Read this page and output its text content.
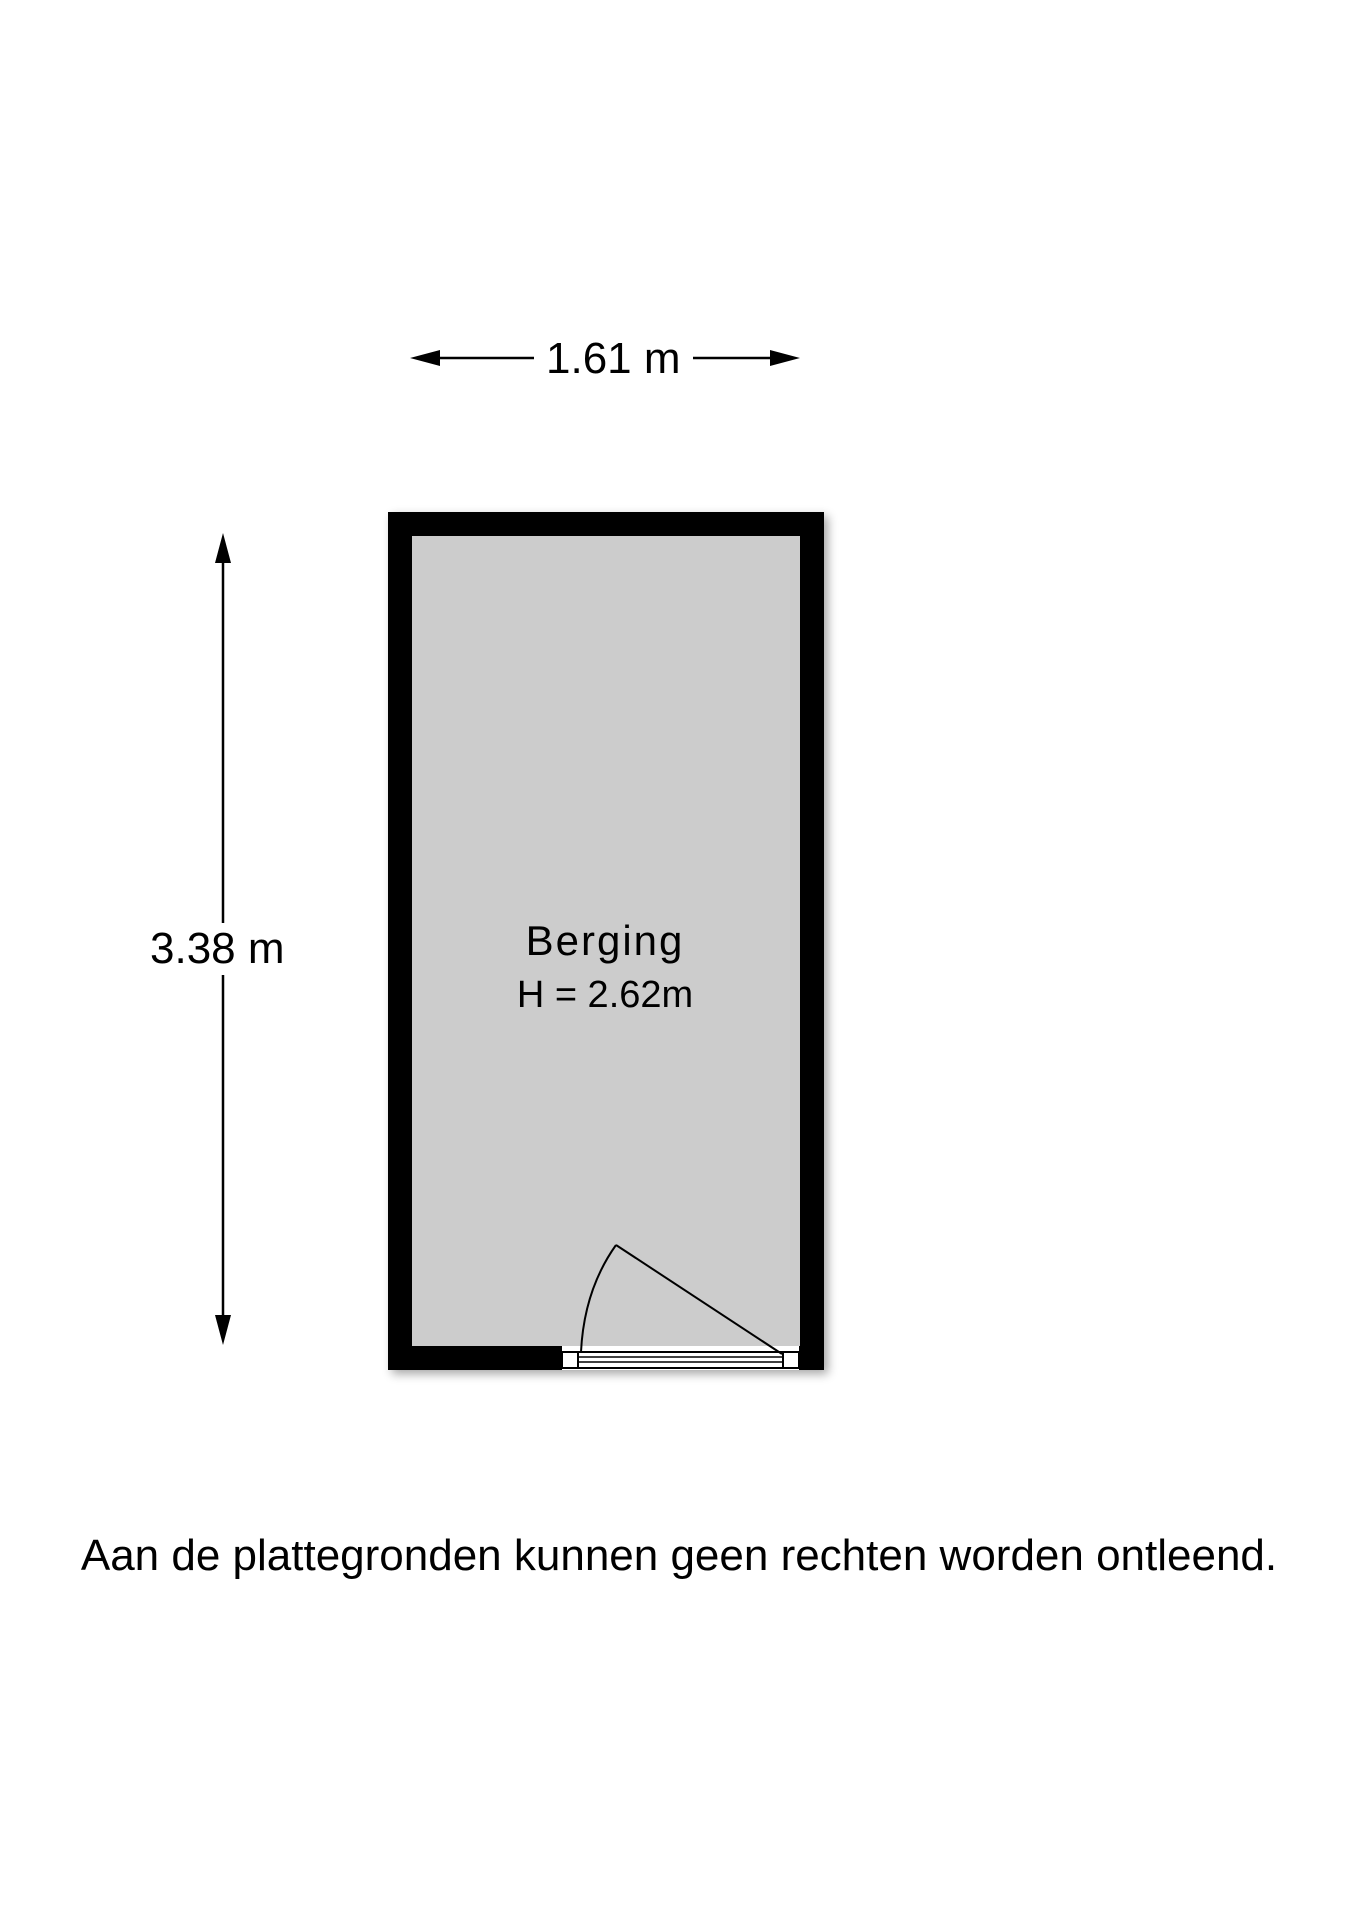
1.61 m
3.38 m	Berging
H = 2.62m
Aan de plattegronden kunnen geen rechten worden ontleend.
